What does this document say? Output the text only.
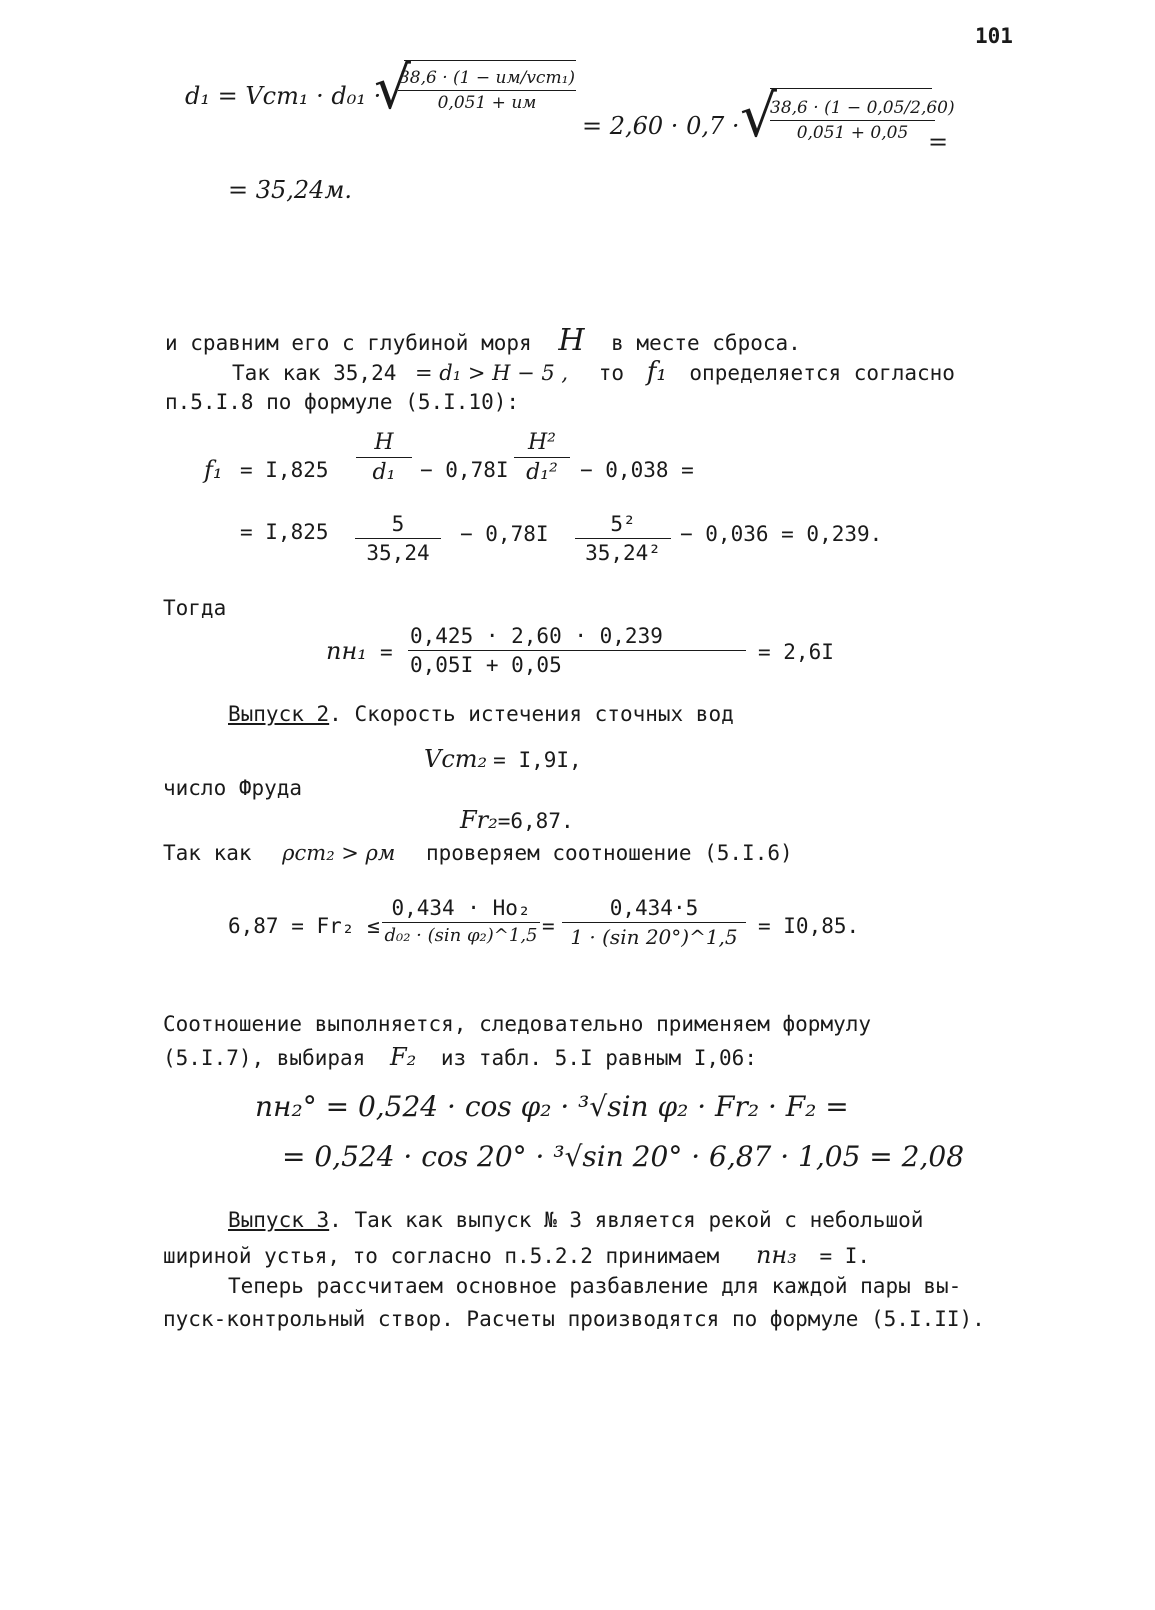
101
d₁ = Vст₁ · d₀₁ ·
√
38,6 · (1 − uм/vст₁)
0,051 + uм
= 2,60 · 0,7 · √
$\frac{38,6 \cdot (1 - 0,05/2,60)}{0,051 + 0,05}$
=
= 35,24м.
и сравним его с глубиной моря H в месте сброса.
Так как 35,24 = d₁ > H − 5 , то f₁ определяется согласно
п.5.I.8 по формуле (5.I.10):
$f_1 = I,825 \frac{H}{\text{d₁}} - 0,78I \frac{\text{H²}}{\text{d₁²}} - 0,038$ =
= $I,825 \frac{5}{35,24} - 0,78I \frac{\text{5²}}{\text{35,24²}} - 0,036 = 0,239$.
Тогда
$nн_1 = \frac{0,425 \cdot 2,60 \cdot 0,239}{0,05I + 0,05} = 2,6I$
Выпуск 2. Скорость истечения сточных вод
Vст₂ = I,9I,
число Фруда
Fr₂=6,87.
Так как ρст₂ > ρм проверяем соотношение (5.I.6)
6,87 = Fr₂ ≤
0,434 · Hо₂
d₀₂ · (sin φ₂)^1,5 = $\frac{0,434\cdot 5}{1 \cdot (\sin 20^\circ)\^{}1,5} = I0,85$.
Соотношение выполняется, следовательно применяем формулу
(5.I.7), выбирая F₂ из табл. 5.I равным I,06:
nн₂° = 0,524 · cos φ₂ · ³√sin φ₂ · Fr₂ · F₂ =
= 0,524 · cos 20° · ³√sin 20° · 6,87 · 1,05 = 2,08
Выпуск 3. Так как выпуск № 3 является рекой с небольшой
шириной устья, то согласно п.5.2.2 принимаем nн₃ = I.
Теперь рассчитаем основное разбавление для каждой пары вы-
пуск-контрольный створ. Расчеты производятся по формуле (5.I.II).
